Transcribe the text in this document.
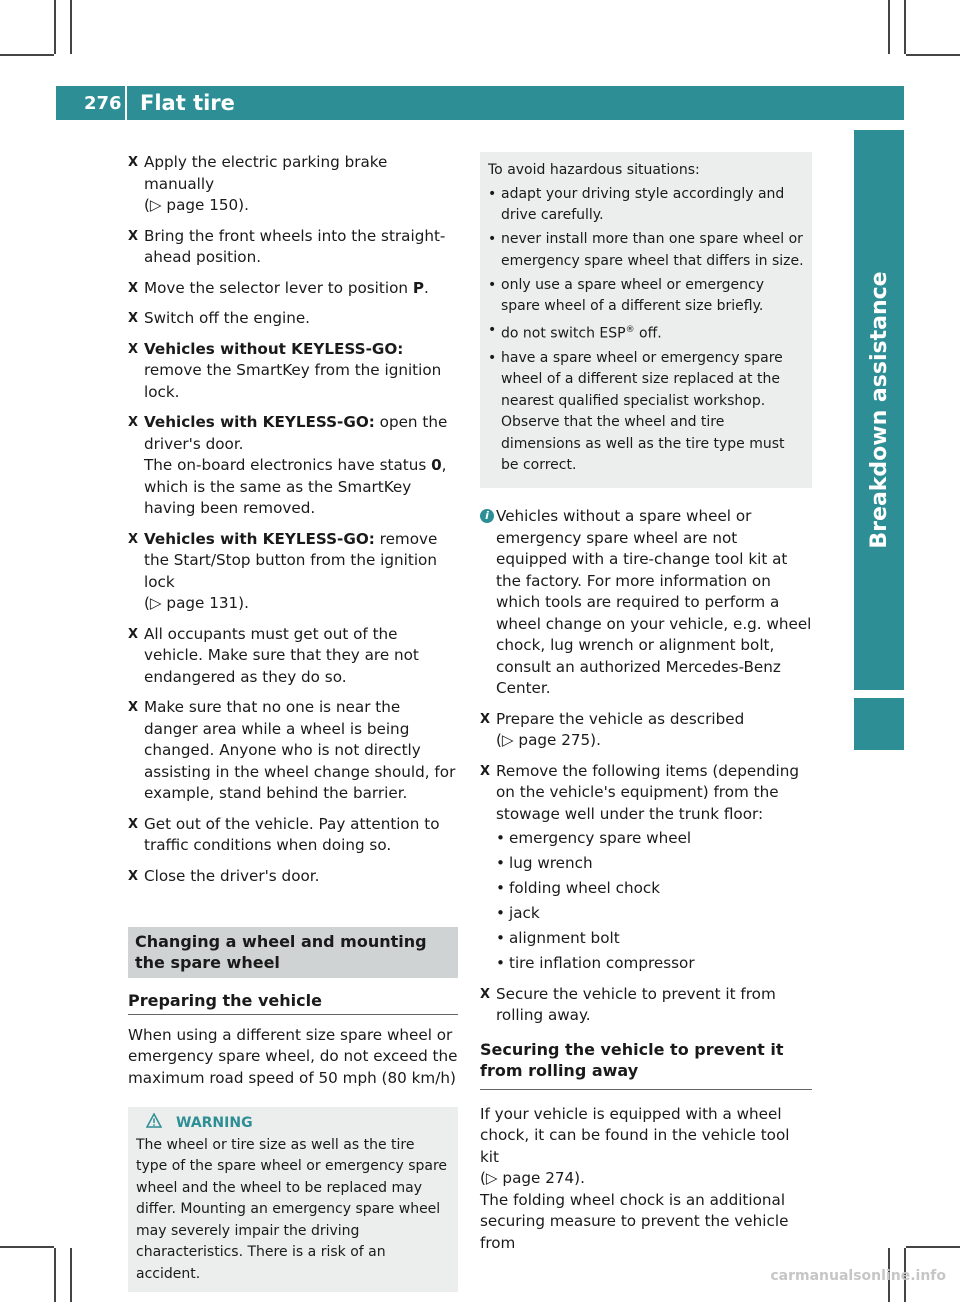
276 Flat tire
Breakdown assistance
X Apply the electric parking brake manually
(▷ page 150).
X Bring the front wheels into the straight-ahead position.
X Move the selector lever to position P.
X Switch off the engine.
X Vehicles without KEYLESS-GO: remove the SmartKey from the ignition lock.
X Vehicles with KEYLESS-GO: open the driver's door.
The on-board electronics have status 0, which is the same as the SmartKey having been removed.
X Vehicles with KEYLESS-GO: remove the Start/Stop button from the ignition lock
(▷ page 131).
X All occupants must get out of the vehicle. Make sure that they are not endangered as they do so.
X Make sure that no one is near the danger area while a wheel is being changed. Anyone who is not directly assisting in the wheel change should, for example, stand behind the barrier.
X Get out of the vehicle. Pay attention to traffic conditions when doing so.
X Close the driver's door.
Changing a wheel and mounting the spare wheel
Preparing the vehicle

When using a different size spare wheel or emergency spare wheel, do not exceed the maximum road speed of 50 mph (80 km/h)

WARNING
The wheel or tire size as well as the tire type of the spare wheel or emergency spare wheel and the wheel to be replaced may differ. Mounting an emergency spare wheel may severely impair the driving characteristics. There is a risk of an accident.
To avoid hazardous situations:
• adapt your driving style accordingly and drive carefully.
• never install more than one spare wheel or emergency spare wheel that differs in size.
• only use a spare wheel or emergency spare wheel of a different size briefly.
• do not switch ESP® off.
• have a spare wheel or emergency spare wheel of a different size replaced at the nearest qualified specialist workshop. Observe that the wheel and tire dimensions as well as the tire type must be correct.
i Vehicles without a spare wheel or emergency spare wheel are not equipped with a tire-change tool kit at the factory. For more information on which tools are required to perform a wheel change on your vehicle, e.g. wheel chock, lug wrench or alignment bolt, consult an authorized Mercedes-Benz Center.
X Prepare the vehicle as described
(▷ page 275).
X Remove the following items (depending on the vehicle's equipment) from the stowage well under the trunk floor:
• emergency spare wheel
• lug wrench
• folding wheel chock
• jack
• alignment bolt
• tire inflation compressor
X Secure the vehicle to prevent it from rolling away.
Securing the vehicle to prevent it from rolling away

If your vehicle is equipped with a wheel chock, it can be found in the vehicle tool kit
(▷ page 274).

The folding wheel chock is an additional securing measure to prevent the vehicle from

carmanualsonline.info
